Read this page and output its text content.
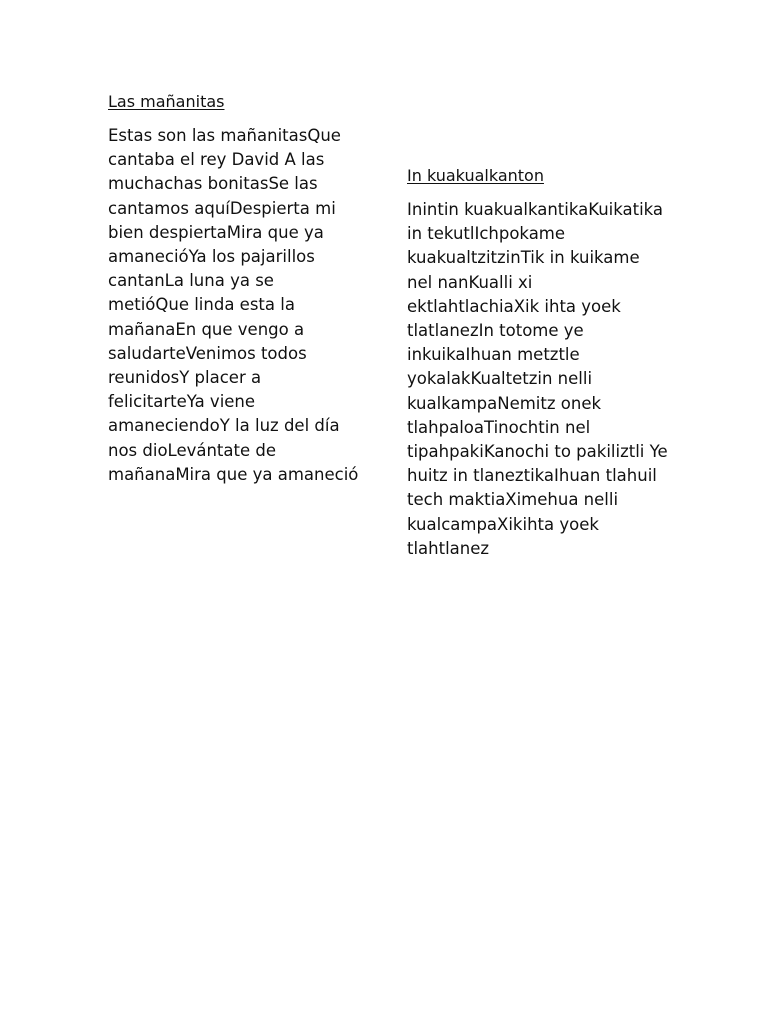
Las mañanitas

Estas son las mañanitasQue cantaba el rey David A las muchachas bonitasSe las cantamos aquíDespierta mi bien despiertaMira que ya amanecióYa los pajarillos cantanLa luna ya se metióQue linda esta la mañanaEn que vengo a saludarteVenimos todos reunidosY placer a felicitarteYa viene amaneciendoY la luz del día nos dioLevántate de mañanaMira que ya amaneció

In kuakualkanton

Inintin kuakualkantikaKuikatika in tekutlIchpokame kuakualtzitzinTik in kuikame nel nanKualli xi ektlahtlachiaXik ihta yoek tlatlanezIn totome ye inkuikaIhuan metztle yokalakKualtetzin nelli kualkampaNemitz onek tlahpaloaTinochtin nel tipahpakiKanochi to pakiliztli Ye huitz in tlaneztikaIhuan tlahuil tech maktiaXimehua nelli kualcampaXikihta yoek tlahtlanez
